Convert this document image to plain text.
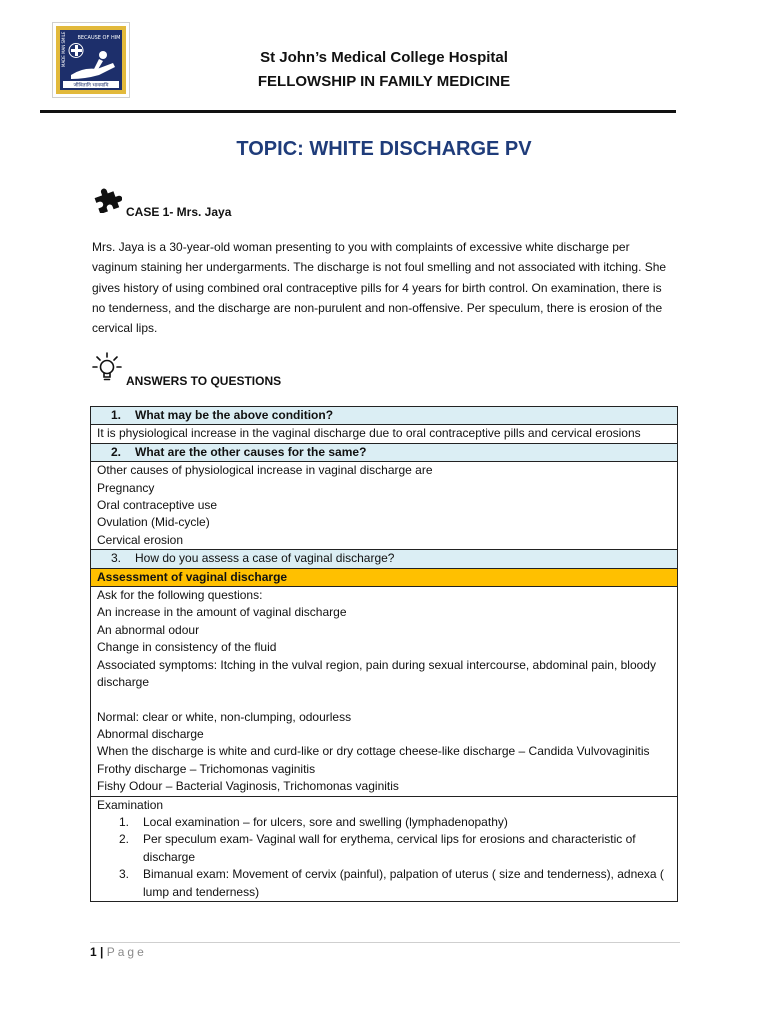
BECAUSE OF HIM
MADE MAN SMILE
जीवितानि भावयामि
St John’s Medical College Hospital
FELLOWSHIP IN FAMILY MEDICINE
TOPIC: WHITE DISCHARGE PV
CASE 1- Mrs. Jaya

Mrs. Jaya is a 30-year-old woman presenting to you with complaints of excessive white discharge per vaginum staining her undergarments. The discharge is not foul smelling and not associated with itching. She gives history of using combined oral contraceptive pills for 4 years for birth control. On examination, there is no tenderness, and the discharge are non-purulent and non-offensive. Per speculum, there is erosion of the cervical lips.

ANSWERS TO QUESTIONS
1. What may be the above condition?
It is physiological increase in the vaginal discharge due to oral contraceptive pills and cervical erosions
2. What are the other causes for the same?

Other causes of physiological increase in vaginal discharge are
Pregnancy
Oral contraceptive use
Ovulation (Mid-cycle)
Cervical erosion

3. How do you assess a case of vaginal discharge?
Assessment of vaginal discharge

Ask for the following questions:
An increase in the amount of vaginal discharge
An abnormal odour
Change in consistency of the fluid
Associated symptoms: Itching in the vulval region, pain during sexual intercourse, abdominal pain, bloody discharge
Normal: clear or white, non-clumping, odourless
Abnormal discharge
When the discharge is white and curd-like or dry cottage cheese-like discharge – Candida Vulvovaginitis
Frothy discharge – Trichomonas vaginitis
Fishy Odour – Bacterial Vaginosis, Trichomonas vaginitis

Examination
1. Local examination – for ulcers, sore and swelling (lymphadenopathy)
2. Per speculum exam- Vaginal wall for erythema, cervical lips for erosions and characteristic of discharge
3. Bimanual exam: Movement of cervix (painful), palpation of uterus ( size and tenderness), adnexa ( lump and tenderness)
1 | Page
